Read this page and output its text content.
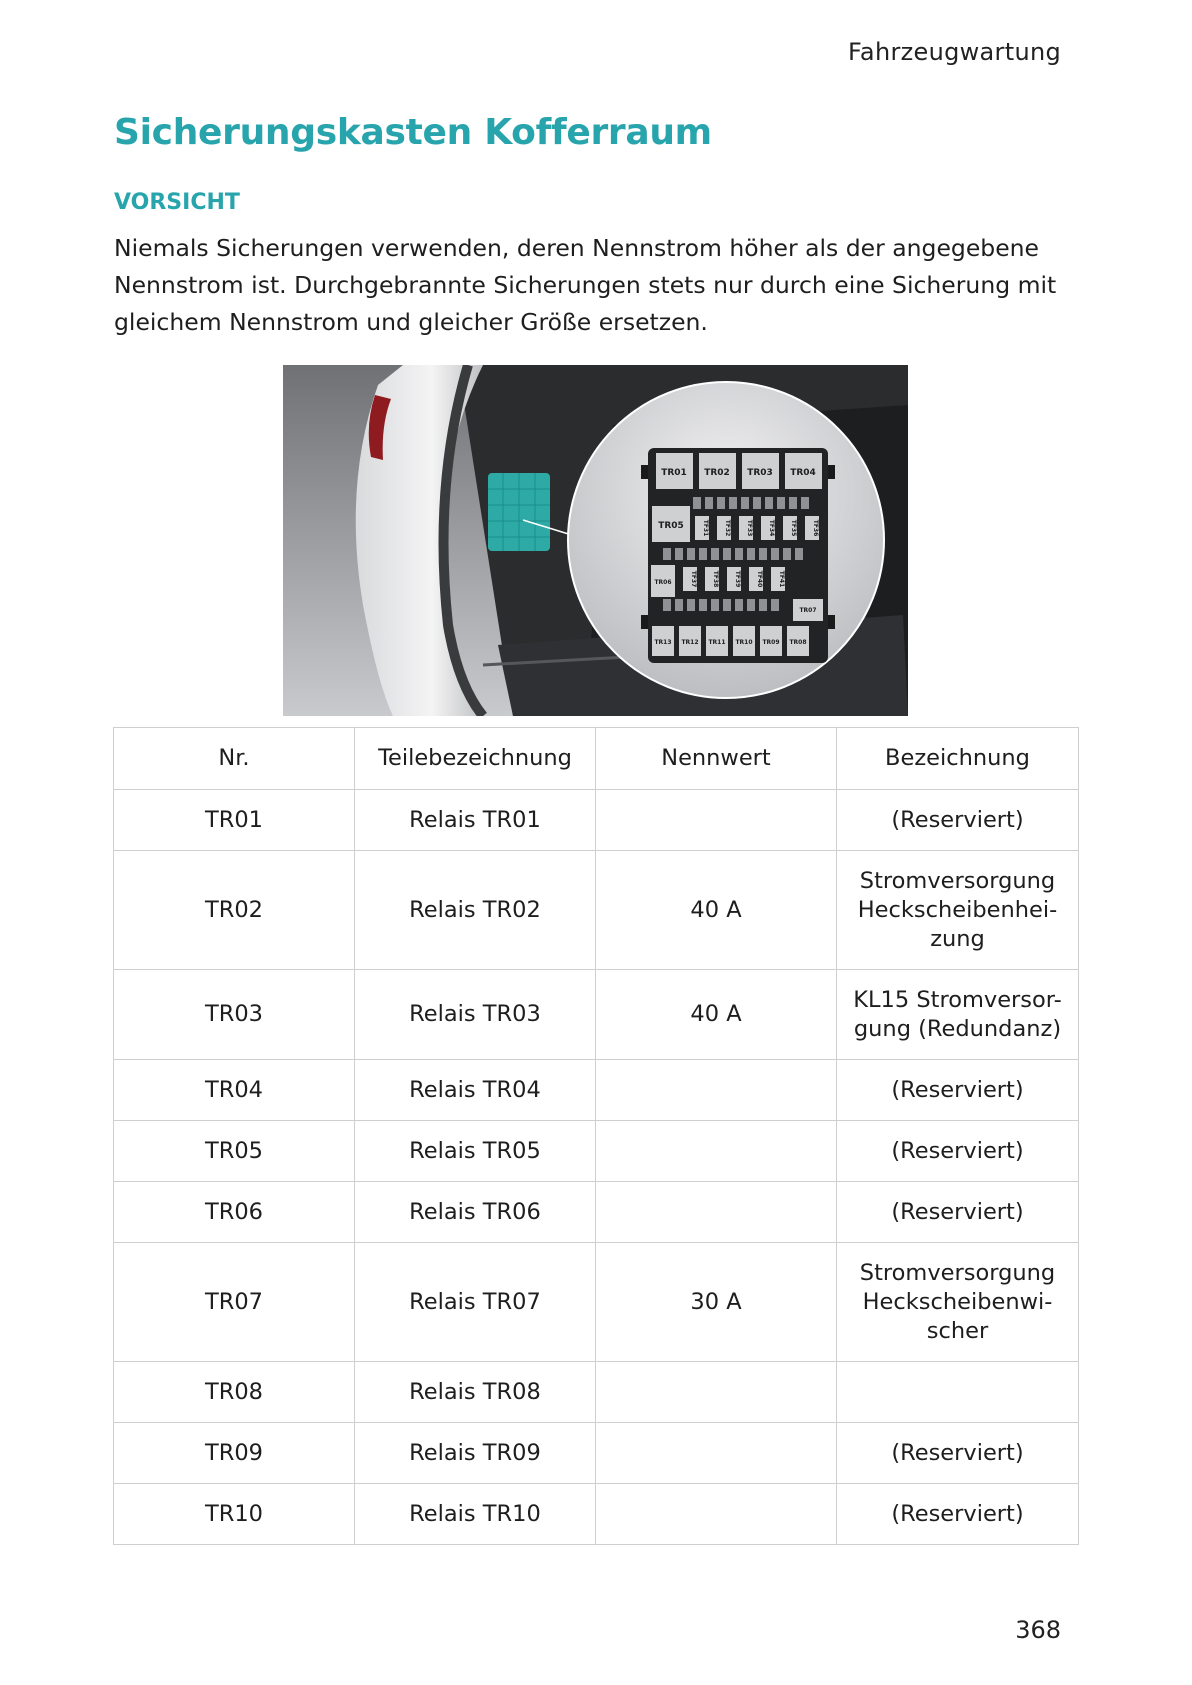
Fahrzeugwartung
Sicherungskasten Kofferraum
VORSICHT
Niemals Sicherungen verwenden, deren Nennstrom höher als der angegebene Nennstrom ist. Durchgebrannte Sicherungen stets nur durch eine Sicherung mit gleichem Nennstrom und gleicher Größe ersetzen.
TR01 TR02 TR03 TR04
TR05	TF31	TF32	TF33	TF34	TF35	TF36
TR06	TF37	TF38	TF39	TF40	TF41
TR07
TR13 TR12 TR11 TR10 TR09 TR08
Nr.	Teilebezeichnung	Nennwert	Bezeichnung
TR01	Relais TR01		(Reserviert)
TR02	Relais TR02	40 A	Stromversorgung Heckscheibenhei-zung
TR03	Relais TR03	40 A	KL15 Stromversor-gung (Redundanz)
TR04	Relais TR04		(Reserviert)
TR05	Relais TR05		(Reserviert)
TR06	Relais TR06		(Reserviert)
TR07	Relais TR07	30 A	Stromversorgung Heckscheibenwi-scher
TR08	Relais TR08		
TR09	Relais TR09		(Reserviert)
TR10	Relais TR10		(Reserviert)
368
